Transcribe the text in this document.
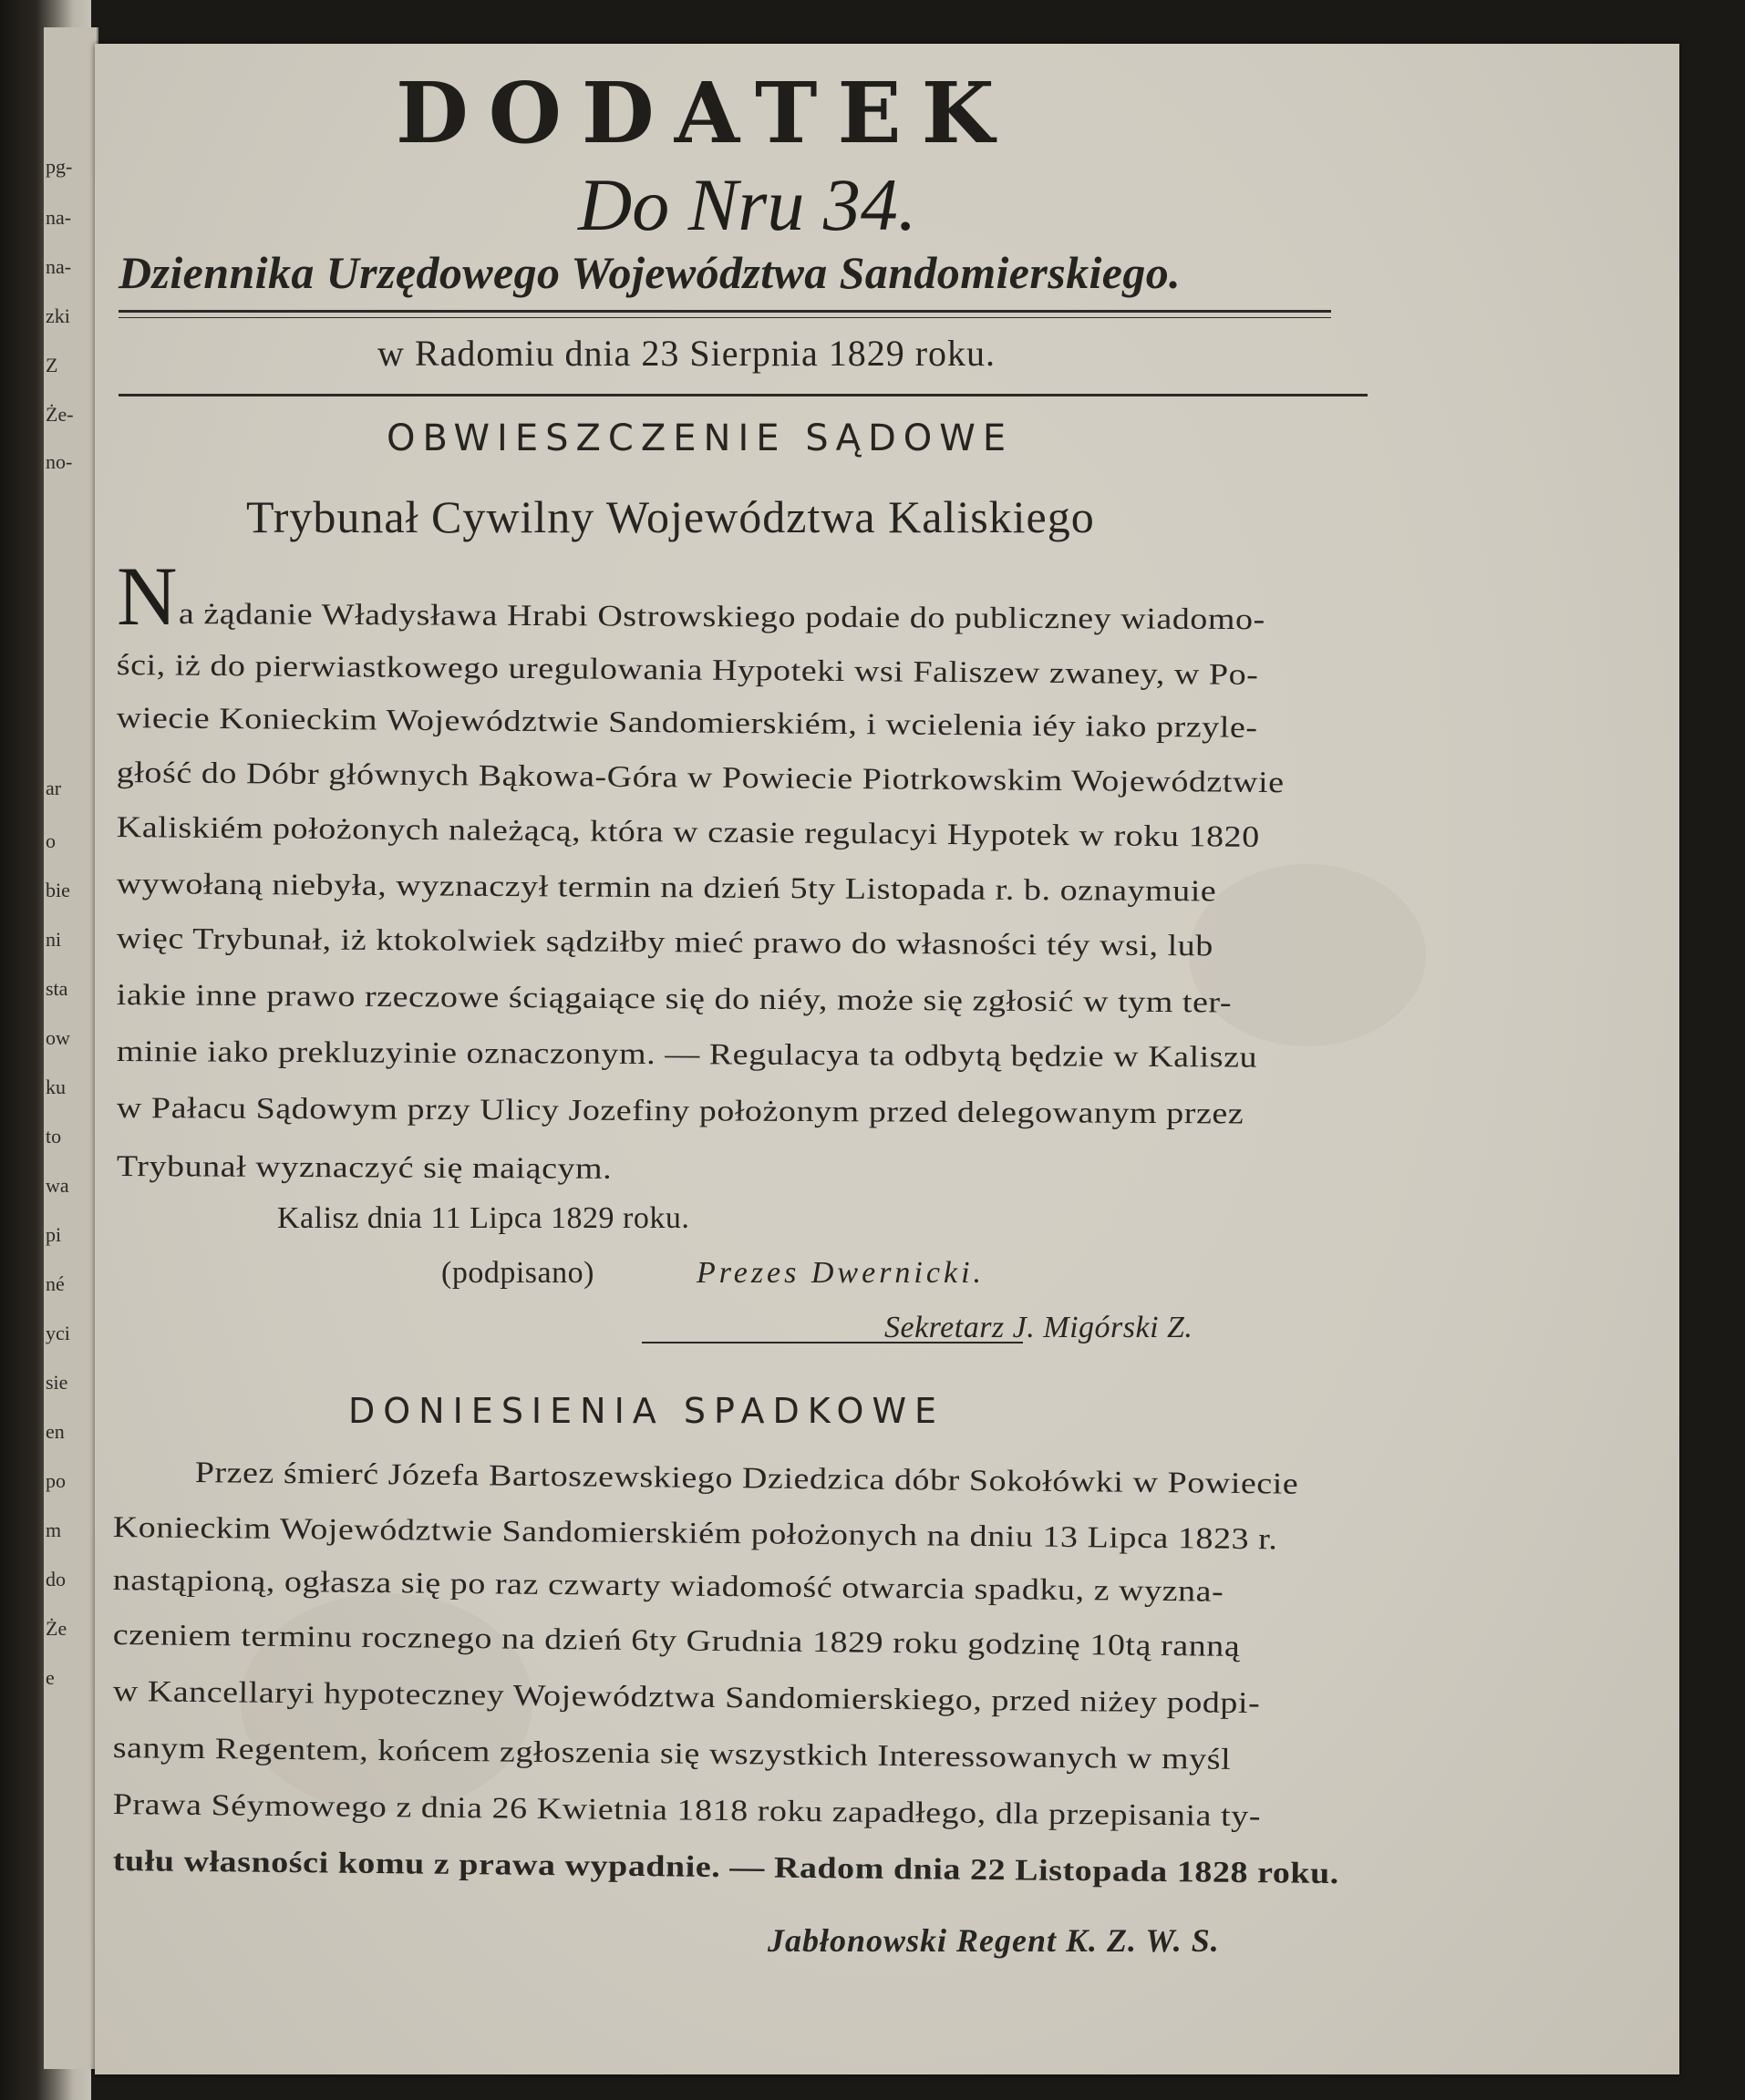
pg-
na-
na-
zki
Z
Że-
no-
ar
o
bie
ni
sta
ow
ku
to
wa
pi
né
yci
sie
en
po
m
do
Że
e
DODATEK
Do Nru 34.
Dziennika Urzędowego Województwa Sandomierskiego.
w Radomiu dnia 23 Sierpnia 1829 roku.
OBWIESZCZENIE SĄDOWE
Trybunał Cywilny Województwa Kaliskiego
N a żądanie Władysława Hrabi Ostrowskiego podaie do publiczney wiadomo-
ści, iż do pierwiastkowego uregulowania Hypoteki wsi Faliszew zwaney, w Po-
wiecie Konieckim Województwie Sandomierskiém, i wcielenia iéy iako przyle-
głość do Dóbr głównych Bąkowa-Góra w Powiecie Piotrkowskim Województwie
Kaliskiém położonych należącą, która w czasie regulacyi Hypotek w roku 1820
wywołaną niebyła, wyznaczył termin na dzień 5ty Listopada r. b. oznaymuie
więc Trybunał, iż ktokolwiek sądziłby mieć prawo do własności téy wsi, lub
iakie inne prawo rzeczowe ściągaiące się do niéy, może się zgłosić w tym ter-
minie iako prekluzyinie oznaczonym. — Regulacya ta odbytą będzie w Kaliszu
w Pałacu Sądowym przy Ulicy Jozefiny położonym przed delegowanym przez
Trybunał wyznaczyć się maiącym.
Kalisz dnia 11 Lipca 1829 roku.
(podpisano)	Prezes Dwernicki.
Sekretarz J. Migórski Z.
DONIESIENIA SPADKOWE
Przez śmierć Józefa Bartoszewskiego Dziedzica dóbr Sokołówki w Powiecie
Konieckim Województwie Sandomierskiém położonych na dniu 13 Lipca 1823 r.
nastąpioną, ogłasza się po raz czwarty wiadomość otwarcia spadku, z wyzna-
czeniem terminu rocznego na dzień 6ty Grudnia 1829 roku godzinę 10tą ranną
w Kancellaryi hypoteczney Województwa Sandomierskiego, przed niżey podpi-
sanym Regentem, końcem zgłoszenia się wszystkich Interessowanych w myśl
Prawa Séymowego z dnia 26 Kwietnia 1818 roku zapadłego, dla przepisania ty-
tułu własności komu z prawa wypadnie. — Radom dnia 22 Listopada 1828 roku.
Jabłonowski Regent K. Z. W. S.
